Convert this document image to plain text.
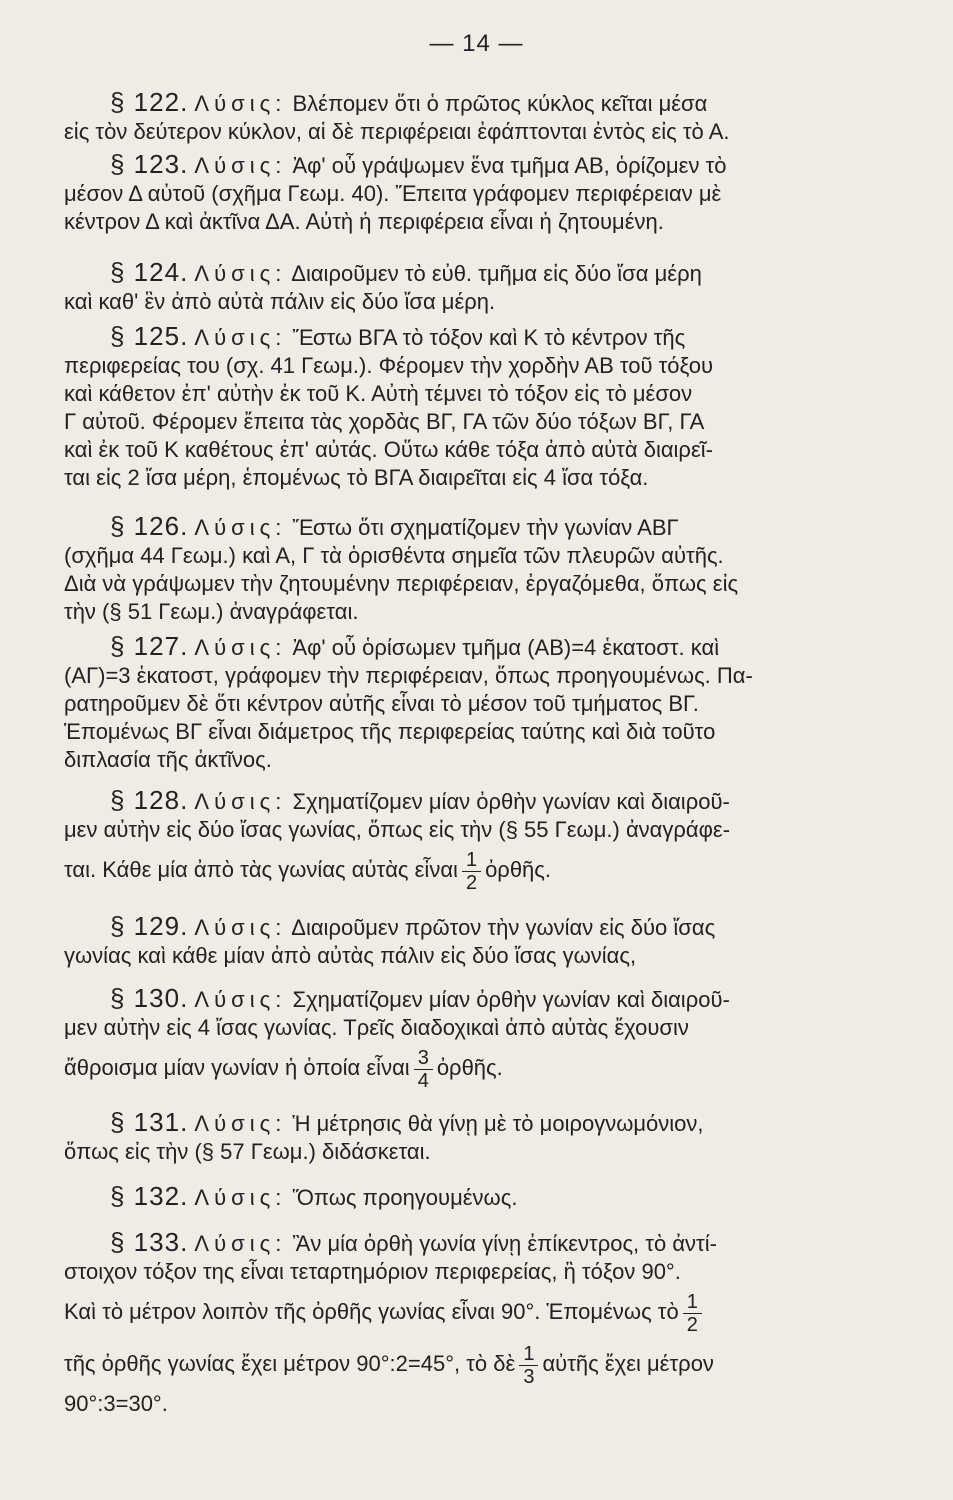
— 14 —
§ 122. Λύσις: Βλέπομεν ὅτι ὁ πρῶτος κύκλος κεῖται μέσα
εἰς τὸν δεύτερον κύκλον, αἱ δὲ περιφέρειαι ἐφάπτονται ἐντὸς εἰς τὸ Α.
§ 123. Λύσις: Ἀφ' οὗ γράψωμεν ἕνα τμῆμα ΑΒ, ὁρίζομεν τὸ
μέσον Δ αὐτοῦ (σχῆμα Γεωμ. 40). Ἔπειτα γράφομεν περιφέρειαν μὲ
κέντρον Δ καὶ ἀκτῖνα ΔΑ. Αὐτὴ ἡ περιφέρεια εἶναι ἡ ζητουμένη.
§ 124. Λύσις: Διαιροῦμεν τὸ εὐθ. τμῆμα εἰς δύο ἴσα μέρη
καὶ καθ' ἓν ἀπὸ αὐτὰ πάλιν εἰς δύο ἴσα μέρη.
§ 125. Λύσις: Ἔστω ΒΓΑ τὸ τόξον καὶ Κ τὸ κέντρον τῆς
περιφερείας του (σχ. 41 Γεωμ.). Φέρομεν τὴν χορδὴν ΑΒ τοῦ τόξου
καὶ κάθετον ἐπ' αὐτὴν ἐκ τοῦ Κ. Αὐτὴ τέμνει τὸ τόξον εἰς τὸ μέσον
Γ αὐτοῦ. Φέρομεν ἔπειτα τὰς χορδὰς ΒΓ, ΓΑ τῶν δύο τόξων ΒΓ, ΓΑ
καὶ ἐκ τοῦ Κ καθέτους ἐπ' αὐτάς. Οὕτω κάθε τόξα ἀπὸ αὐτὰ διαιρεῖ-
ται εἰς 2 ἴσα μέρη, ἑπομένως τὸ ΒΓΑ διαιρεῖται εἰς 4 ἴσα τόξα.
§ 126. Λύσις: Ἔστω ὅτι σχηματίζομεν τὴν γωνίαν ΑΒΓ
(σχῆμα 44 Γεωμ.) καὶ Α, Γ τὰ ὁρισθέντα σημεῖα τῶν πλευρῶν αὐτῆς.
Διὰ νὰ γράψωμεν τὴν ζητουμένην περιφέρειαν, ἐργαζόμεθα, ὅπως εἰς
τὴν (§ 51 Γεωμ.) ἀναγράφεται.
§ 127. Λύσις: Ἀφ' οὗ ὁρίσωμεν τμῆμα (ΑΒ)=4 ἑκατοστ. καὶ
(ΑΓ)=3 ἑκατοστ, γράφομεν τὴν περιφέρειαν, ὅπως προηγουμένως. Πα-
ρατηροῦμεν δὲ ὅτι κέντρον αὐτῆς εἶναι τὸ μέσον τοῦ τμήματος ΒΓ.
Ἑπομένως ΒΓ εἶναι διάμετρος τῆς περιφερείας ταύτης καὶ διὰ τοῦτο
διπλασία τῆς ἀκτῖνος.
§ 128. Λύσις: Σχηματίζομεν μίαν ὀρθὴν γωνίαν καὶ διαιροῦ-
μεν αὐτὴν εἰς δύο ἴσας γωνίας, ὅπως εἰς τὴν (§ 55 Γεωμ.) ἀναγράφε-
ται. Κάθε μία ἀπὸ τὰς γωνίας αὐτὰς εἶναι $\frac{1}{2}$ ὀρθῆς.
§ 129. Λύσις: Διαιροῦμεν πρῶτον τὴν γωνίαν εἰς δύο ἴσας
γωνίας καὶ κάθε μίαν ἀπὸ αὐτὰς πάλιν εἰς δύο ἴσας γωνίας,
§ 130. Λύσις: Σχηματίζομεν μίαν ὀρθὴν γωνίαν καὶ διαιροῦ-
μεν αὐτὴν εἰς 4 ἴσας γωνίας. Τρεῖς διαδοχικαὶ ἀπὸ αὐτὰς ἔχουσιν
ἄθροισμα μίαν γωνίαν ἡ ὁποία εἶναι $\frac{3}{4}$ ὀρθῆς.
§ 131. Λύσις: Ἡ μέτρησις θὰ γίνῃ μὲ τὸ μοιρογνωμόνιον,
ὅπως εἰς τὴν (§ 57 Γεωμ.) διδάσκεται.
§ 132. Λύσις: Ὅπως προηγουμένως.
§ 133. Λύσις: Ἂν μία ὀρθὴ γωνία γίνῃ ἐπίκεντρος, τὸ ἀντί-
στοιχον τόξον της εἶναι τεταρτημόριον περιφερείας, ἢ τόξον 90°.
Καὶ τὸ μέτρον λοιπὸν τῆς ὀρθῆς γωνίας εἶναι 90°. Ἑπομένως τὸ $\frac{1}{2}$
τῆς ὀρθῆς γωνίας ἔχει μέτρον 90°:2=45°, τὸ δὲ $\frac{1}{3}$ αὐτῆς ἔχει μέτρον
90°:3=30°.
